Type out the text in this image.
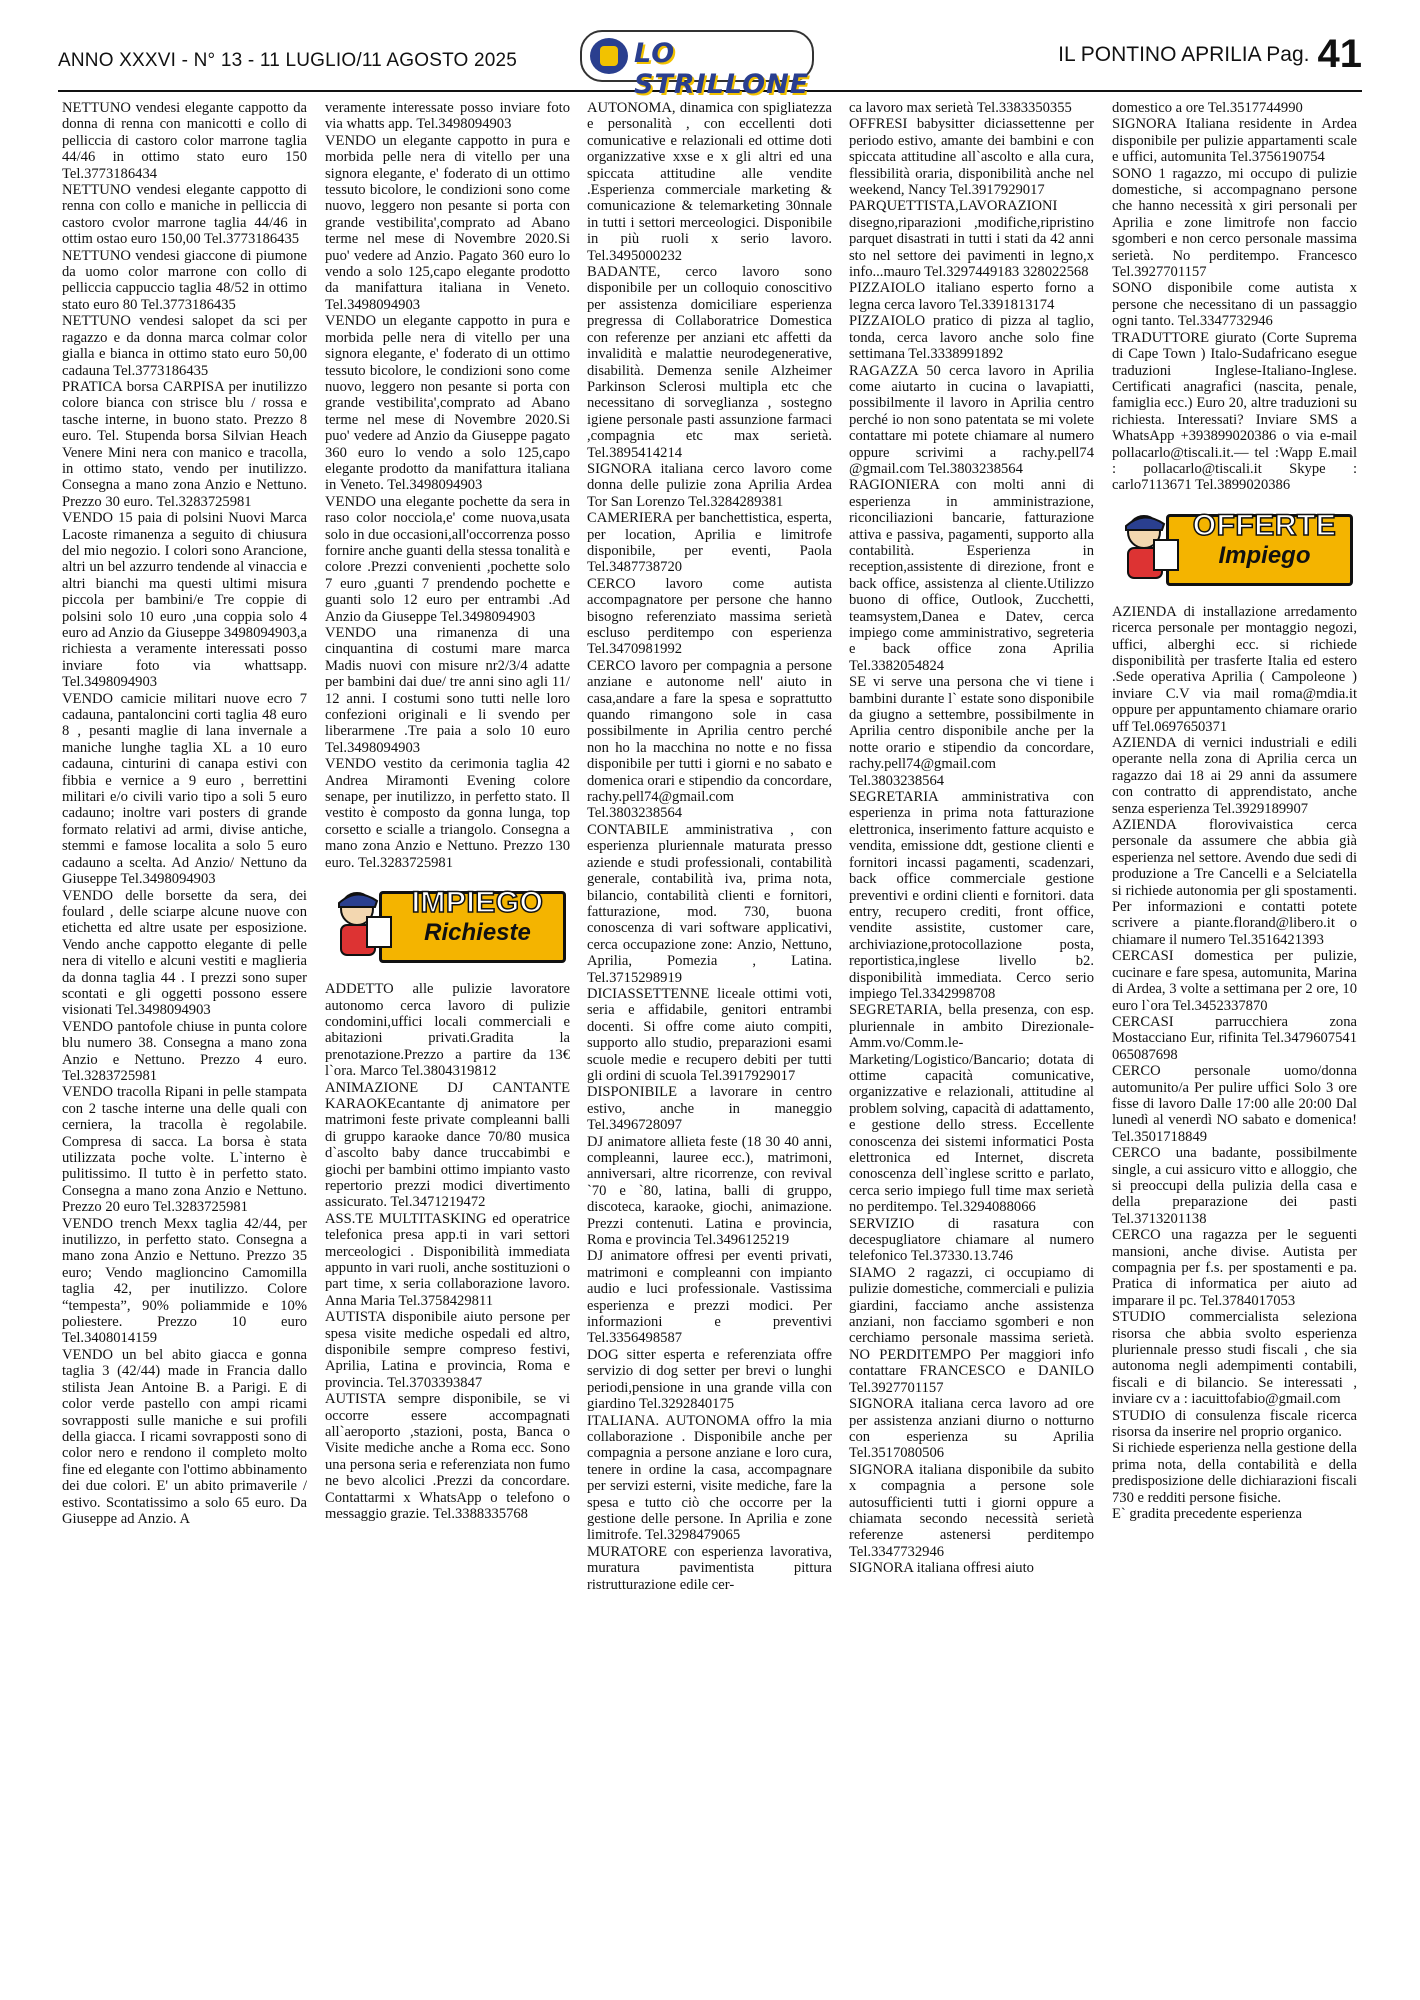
ANNO XXXVI - N° 13 - 11 LUGLIO/11 AGOSTO 2025	LO STRILLONE
IL PONTINO APRILIA Pag. 41

NETTUNO vendesi elegante cappotto da donna di renna con manicotti e collo di pelliccia di castoro color marrone taglia 44/46 in ottimo stato euro 150 Tel.3773186434

NETTUNO vendesi elegante cappotto di renna con collo e maniche in pelliccia di castoro cvolor marrone taglia 44/46 in ottim ostao euro 150,00 Tel.3773186435

NETTUNO vendesi giaccone di piumone da uomo color marrone con collo di pelliccia cappuccio taglia 48/52 in ottimo stato euro 80 Tel.3773186435

NETTUNO vendesi salopet da sci per ragazzo e da donna marca colmar color gialla e bianca in ottimo stato euro 50,00 cadauna Tel.3773186435

PRATICA borsa CARPISA per inutilizzo colore bianca con strisce blu / rossa e tasche interne, in buono stato. Prezzo 8 euro. Tel. Stupenda borsa Silvian Heach Venere Mini nera con manico e tracolla, in ottimo stato, vendo per inutilizzo. Consegna a mano zona Anzio e Nettuno. Prezzo 30 euro. Tel.3283725981

VENDO 15 paia di polsini Nuovi Marca Lacoste rimanenza a seguito di chiusura del mio negozio. I colori sono Arancione, altri un bel azzurro tendende al vinaccia e altri bianchi ma questi ultimi misura piccola per bambini/e Tre coppie di polsini solo 10 euro ,una coppia solo 4 euro ad Anzio da Giuseppe 3498094903,a richiesta a veramente interessati posso inviare foto via whattsapp. Tel.3498094903

VENDO camicie militari nuove ecro 7 cadauna, pantaloncini corti taglia 48 euro 8 , pesanti maglie di lana invernale a maniche lunghe taglia XL a 10 euro cadauna, cinturini di canapa estivi con fibbia e vernice a 9 euro , berrettini militari e/o civili vario tipo a soli 5 euro cadauno; inoltre vari posters di grande formato relativi ad armi, divise antiche, stemmi e famose localita a solo 5 euro cadauno a scelta. Ad Anzio/ Nettuno da Giuseppe Tel.3498094903

VENDO delle borsette da sera, dei foulard , delle sciarpe alcune nuove con etichetta ed altre usate per esposizione. Vendo anche cappotto elegante di pelle nera di vitello e alcuni vestiti e maglieria da donna taglia 44 . I prezzi sono super scontati e gli oggetti possono essere visionati Tel.3498094903

VENDO pantofole chiuse in punta colore blu numero 38. Consegna a mano zona Anzio e Nettuno. Prezzo 4 euro. Tel.3283725981

VENDO tracolla Ripani in pelle stampata con 2 tasche interne una delle quali con cerniera, la tracolla è regolabile. Compresa di sacca. La borsa è stata utilizzata poche volte. L`interno è pulitissimo. Il tutto è in perfetto stato. Consegna a mano zona Anzio e Nettuno. Prezzo 20 euro Tel.3283725981

VENDO trench Mexx taglia 42/44, per inutilizzo, in perfetto stato. Consegna a mano zona Anzio e Nettuno. Prezzo 35 euro; Vendo maglioncino Camomilla taglia 42, per inutilizzo. Colore “tempesta”, 90% poliammide e 10% poliestere. Prezzo 10 euro Tel.3408014159

VENDO un bel abito giacca e gonna taglia 3 (42/44) made in Francia dallo stilista Jean Antoine B. a Parigi. E di color verde pastello con ampi ricami sovrapposti sulle maniche e sui profili della giacca. I ricami sovrapposti sono di color nero e rendono il completo molto fine ed elegante con l'ottimo abbinamento dei due colori. E' un abito primaverile / estivo. Scontatissimo a solo 65 euro. Da Giuseppe ad Anzio. A

veramente interessate posso inviare foto via whatts app. Tel.3498094903

VENDO un elegante cappotto in pura e morbida pelle nera di vitello per una signora elegante, e' foderato di un ottimo tessuto bicolore, le condizioni sono come nuovo, leggero non pesante si porta con grande vestibilita',comprato ad Abano terme nel mese di Novembre 2020.Si puo' vedere ad Anzio. Pagato 360 euro lo vendo a solo 125,capo elegante prodotto da manifattura italiana in Veneto. Tel.3498094903

VENDO un elegante cappotto in pura e morbida pelle nera di vitello per una signora elegante, e' foderato di un ottimo tessuto bicolore, le condizioni sono come nuovo, leggero non pesante si porta con grande vestibilita',comprato ad Abano terme nel mese di Novembre 2020.Si puo' vedere ad Anzio da Giuseppe pagato 360 euro lo vendo a solo 125,capo elegante prodotto da manifattura italiana in Veneto. Tel.3498094903

VENDO una elegante pochette da sera in raso color nocciola,e' come nuova,usata solo in due occasioni,all'occorrenza posso fornire anche guanti della stessa tonalità e colore .Prezzi convenienti ,pochette solo 7 euro ,guanti 7 prendendo pochette e guanti solo 12 euro per entrambi .Ad Anzio da Giuseppe Tel.3498094903

VENDO una rimanenza di una cinquantina di costumi mare marca Madis nuovi con misure nr2/3/4 adatte per bambini dai due/ tre anni sino agli 11/ 12 anni. I costumi sono tutti nelle loro confezioni originali e li svendo per liberarmene .Tre paia a solo 10 euro Tel.3498094903

VENDO vestito da cerimonia taglia 42 Andrea Miramonti Evening colore senape, per inutilizzo, in perfetto stato. Il vestito è composto da gonna lunga, top corsetto e scialle a triangolo. Consegna a mano zona Anzio e Nettuno. Prezzo 130 euro. Tel.3283725981

IMPIEGO
Richieste

ADDETTO alle pulizie lavoratore autonomo cerca lavoro di pulizie condomini,uffici locali commerciali e abitazioni privati.Gradita la prenotazione.Prezzo a partire da 13€ l`ora. Marco Tel.3804319812

ANIMAZIONE DJ CANTANTE KARAOKEcantante dj animatore per matrimoni feste private compleanni balli di gruppo karaoke dance 70/80 musica d`ascolto baby dance truccabimbi e giochi per bambini ottimo impianto vasto repertorio prezzi modici divertimento assicurato. Tel.3471219472

ASS.TE MULTITASKING ed operatrice telefonica presa app.ti in vari settori merceologici . Disponibilità immediata appunto in vari ruoli, anche sostituzioni o part time, x seria collaborazione lavoro. Anna Maria Tel.3758429811

AUTISTA disponibile aiuto persone per spesa visite mediche ospedali ed altro, disponibile sempre compreso festivi, Aprilia, Latina e provincia, Roma e provincia. Tel.3703393847

AUTISTA sempre disponibile, se vi occorre essere accompagnati all`aeroporto ,stazioni, posta, Banca o Visite mediche anche a Roma ecc. Sono una persona seria e referenziata non fumo ne bevo alcolici .Prezzi da concordare. Contattarmi x WhatsApp o telefono o messaggio grazie. Tel.3388335768

AUTONOMA, dinamica con spigliatezza e personalità , con eccellenti doti comunicative e relazionali ed ottime doti organizzative xxse e x gli altri ed una spiccata attitudine alle vendite .Esperienza commerciale marketing & comunicazione & telemarketing 30nnale in tutti i settori merceologici. Disponibile in più ruoli x serio lavoro. Tel.3495000232

BADANTE, cerco lavoro sono disponibile per un colloquio conoscitivo per assistenza domiciliare esperienza pregressa di Collaboratrice Domestica con referenze per anziani etc affetti da invalidità e malattie neurodegenerative, disabilità. Demenza senile Alzheimer Parkinson Sclerosi multipla etc che necessitano di sorveglianza , sostegno igiene personale pasti assunzione farmaci ,compagnia etc max serietà. Tel.3895414214

SIGNORA italiana cerco lavoro come donna delle pulizie zona Aprilia Ardea Tor San Lorenzo Tel.3284289381

CAMERIERA per banchettistica, esperta, per location, Aprilia e limitrofe disponibile, per eventi, Paola Tel.3487738720

CERCO lavoro come autista accompagnatore per persone che hanno bisogno referenziato massima serietà escluso perditempo con esperienza Tel.3470981992

CERCO lavoro per compagnia a persone anziane e autonome nell' aiuto in casa,andare a fare la spesa e soprattutto quando rimangono sole in casa possibilmente in Aprilia centro perché non ho la macchina no notte e no fissa disponibile per tutti i giorni e no sabato e domenica orari e stipendio da concordare, rachy.pell74@gmail.com Tel.3803238564

CONTABILE amministrativa , con esperienza pluriennale maturata presso aziende e studi professionali, contabilità generale, contabilità iva, prima nota, bilancio, contabilità clienti e fornitori, fatturazione, mod. 730, buona conoscenza di vari software applicativi, cerca occupazione zone: Anzio, Nettuno, Aprilia, Pomezia , Latina. Tel.3715298919

DICIASSETTENNE liceale ottimi voti, seria e affidabile, genitori entrambi docenti. Si offre come aiuto compiti, supporto allo studio, preparazioni esami scuole medie e recupero debiti per tutti gli ordini di scuola Tel.3917929017

DISPONIBILE a lavorare in centro estivo, anche in maneggio Tel.3496728097

DJ animatore allieta feste (18 30 40 anni, compleanni, lauree ecc.), matrimoni, anniversari, altre ricorrenze, con revival `70 e `80, latina, balli di gruppo, discoteca, karaoke, giochi, animazione. Prezzi contenuti. Latina e provincia, Roma e provincia Tel.3496125219

DJ animatore offresi per eventi privati, matrimoni e compleanni con impianto audio e luci professionale. Vastissima esperienza e prezzi modici. Per informazioni e preventivi Tel.3356498587

DOG sitter esperta e referenziata offre servizio di dog setter per brevi o lunghi periodi,pensione in una grande villa con giardino Tel.3292840175

ITALIANA. AUTONOMA offro la mia collaborazione . Disponibile anche per compagnia a persone anziane e loro cura, tenere in ordine la casa, accompagnare per servizi esterni, visite mediche, fare la spesa e tutto ciò che occorre per la gestione delle persone. In Aprilia e zone limitrofe. Tel.3298479065

MURATORE con esperienza lavorativa, muratura pavimentista pittura ristrutturazione edile cer-

ca lavoro max serietà Tel.3383350355

OFFRESI babysitter diciassettenne per periodo estivo, amante dei bambini e con spiccata attitudine all`ascolto e alla cura, flessibilità oraria, disponibilità anche nel weekend, Nancy Tel.3917929017

PARQUETTISTA,LAVORAZIONI disegno,riparazioni ,modifiche,ripristino parquet disastrati in tutti i stati da 42 anni sto nel settore dei pavimenti in legno,x info...mauro Tel.3297449183 328022568

PIZZAIOLO italiano esperto forno a legna cerca lavoro Tel.3391813174

PIZZAIOLO pratico di pizza al taglio, tonda, cerca lavoro anche solo fine settimana Tel.3338991892

RAGAZZA 50 cerca lavoro in Aprilia come aiutarto in cucina o lavapiatti, possibilmente il lavoro in Aprilia centro perché io non sono patentata se mi volete contattare mi potete chiamare al numero oppure scrivimi a rachy.pell74 @gmail.com Tel.3803238564

RAGIONIERA con molti anni di esperienza in amministrazione, riconciliazioni bancarie, fatturazione attiva e passiva, pagamenti, supporto alla contabilità. Esperienza in reception,assistente di direzione, front e back office, assistenza al cliente.Utilizzo buono di office, Outlook, Zucchetti, teamsystem,Danea e Datev, cerca impiego come amministrativo, segreteria e back office zona Aprilia Tel.3382054824

SE vi serve una persona che vi tiene i bambini durante l` estate sono disponibile da giugno a settembre, possibilmente in Aprilia centro disponibile anche per la notte orario e stipendio da concordare, rachy.pell74@gmail.com Tel.3803238564

SEGRETARIA amministrativa con esperienza in prima nota fatturazione elettronica, inserimento fatture acquisto e vendita, emissione ddt, gestione clienti e fornitori incassi pagamenti, scadenzari, back office commerciale gestione preventivi e ordini clienti e fornitori. data entry, recupero crediti, front office, vendite assistite, customer care, archiviazione,protocollazione posta, reportistica,inglese livello b2. disponibilità immediata. Cerco serio impiego Tel.3342998708

SEGRETARIA, bella presenza, con esp. pluriennale in ambito Direzionale-Amm.vo/Comm.le-Marketing/Logistico/Bancario; dotata di ottime capacità comunicative, organizzative e relazionali, attitudine al problem solving, capacità di adattamento, e gestione dello stress. Eccellente conoscenza dei sistemi informatici Posta elettronica ed Internet, discreta conoscenza dell`inglese scritto e parlato, cerca serio impiego full time max serietà no perditempo. Tel.3294088066

SERVIZIO di rasatura con decespugliatore chiamare al numero telefonico Tel.37330.13.746

SIAMO 2 ragazzi, ci occupiamo di pulizie domestiche, commerciali e pulizia giardini, facciamo anche assistenza anziani, non facciamo sgomberi e non cerchiamo personale massima serietà. NO PERDITEMPO Per maggiori info contattare FRANCESCO e DANILO Tel.3927701157

SIGNORA italiana cerca lavoro ad ore per assistenza anziani diurno o notturno con esperienza su Aprilia Tel.3517080506

SIGNORA italiana disponibile da subito x compagnia a persone sole autosufficienti tutti i giorni oppure a chiamata secondo necessità serietà referenze astenersi perditempo Tel.3347732946

SIGNORA italiana offresi aiuto

domestico a ore Tel.3517744990

SIGNORA Italiana residente in Ardea disponibile per pulizie appartamenti scale e uffici, automunita Tel.3756190754

SONO 1 ragazzo, mi occupo di pulizie domestiche, si accompagnano persone che hanno necessità x giri personali per Aprilia e zone limitrofe non faccio sgomberi e non cerco personale massima serietà. No perditempo. Francesco Tel.3927701157

SONO disponibile come autista x persone che necessitano di un passaggio ogni tanto. Tel.3347732946

TRADUTTORE giurato (Corte Suprema di Cape Town ) Italo-Sudafricano esegue traduzioni Inglese-Italiano-Inglese. Certificati anagrafici (nascita, penale, famiglia ecc.) Euro 20, altre traduzioni su richiesta. Interessati? Inviare SMS a WhatsApp +393899020386 o via e-mail pollacarlo@tiscali.it.— tel :Wapp E.mail : pollacarlo@tiscali.it Skype : carlo7113671 Tel.3899020386

OFFERTE
Impiego

AZIENDA di installazione arredamento ricerca personale per montaggio negozi, uffici, alberghi ecc. si richiede disponibilità per trasferte Italia ed estero .Sede operativa Aprilia ( Campoleone ) inviare C.V via mail roma@mdia.it oppure per appuntamento chiamare orario uff Tel.0697650371

AZIENDA di vernici industriali e edili operante nella zona di Aprilia cerca un ragazzo dai 18 ai 29 anni da assumere con contratto di apprendistato, anche senza esperienza Tel.3929189907

AZIENDA florovivaistica cerca personale da assumere che abbia già esperienza nel settore. Avendo due sedi di produzione a Tre Cancelli e a Selciatella si richiede autonomia per gli spostamenti. Per informazioni e contatti potete scrivere a piante.florand@libero.it o chiamare il numero Tel.3516421393

CERCASI domestica per pulizie, cucinare e fare spesa, automunita, Marina di Ardea, 3 volte a settimana per 2 ore, 10 euro l`ora Tel.3452337870

CERCASI parrucchiera zona Mostacciano Eur, rifinita Tel.3479607541 065087698

CERCO personale uomo/donna automunito/a Per pulire uffici Solo 3 ore fisse di lavoro Dalle 17:00 alle 20:00 Dal lunedì al venerdì NO sabato e domenica! Tel.3501718849

CERCO una badante, possibilmente single, a cui assicuro vitto e alloggio, che si preoccupi della pulizia della casa e della preparazione dei pasti Tel.3713201138

CERCO una ragazza per le seguenti mansioni, anche divise. Autista per compagnia per f.s. per spostamenti e pa. Pratica di informatica per aiuto ad imparare il pc. Tel.3784017053

STUDIO commercialista seleziona risorsa che abbia svolto esperienza pluriennale presso studi fiscali , che sia autonoma negli adempimenti contabili, fiscali e di bilancio. Se interessati , inviare cv a : iacuittofabio@gmail.com

STUDIO di consulenza fiscale ricerca risorsa da inserire nel proprio organico.

Si richiede esperienza nella gestione della prima nota, della contabilità e della predisposizione delle dichiarazioni fiscali 730 e redditi persone fisiche.

E` gradita precedente esperienza
